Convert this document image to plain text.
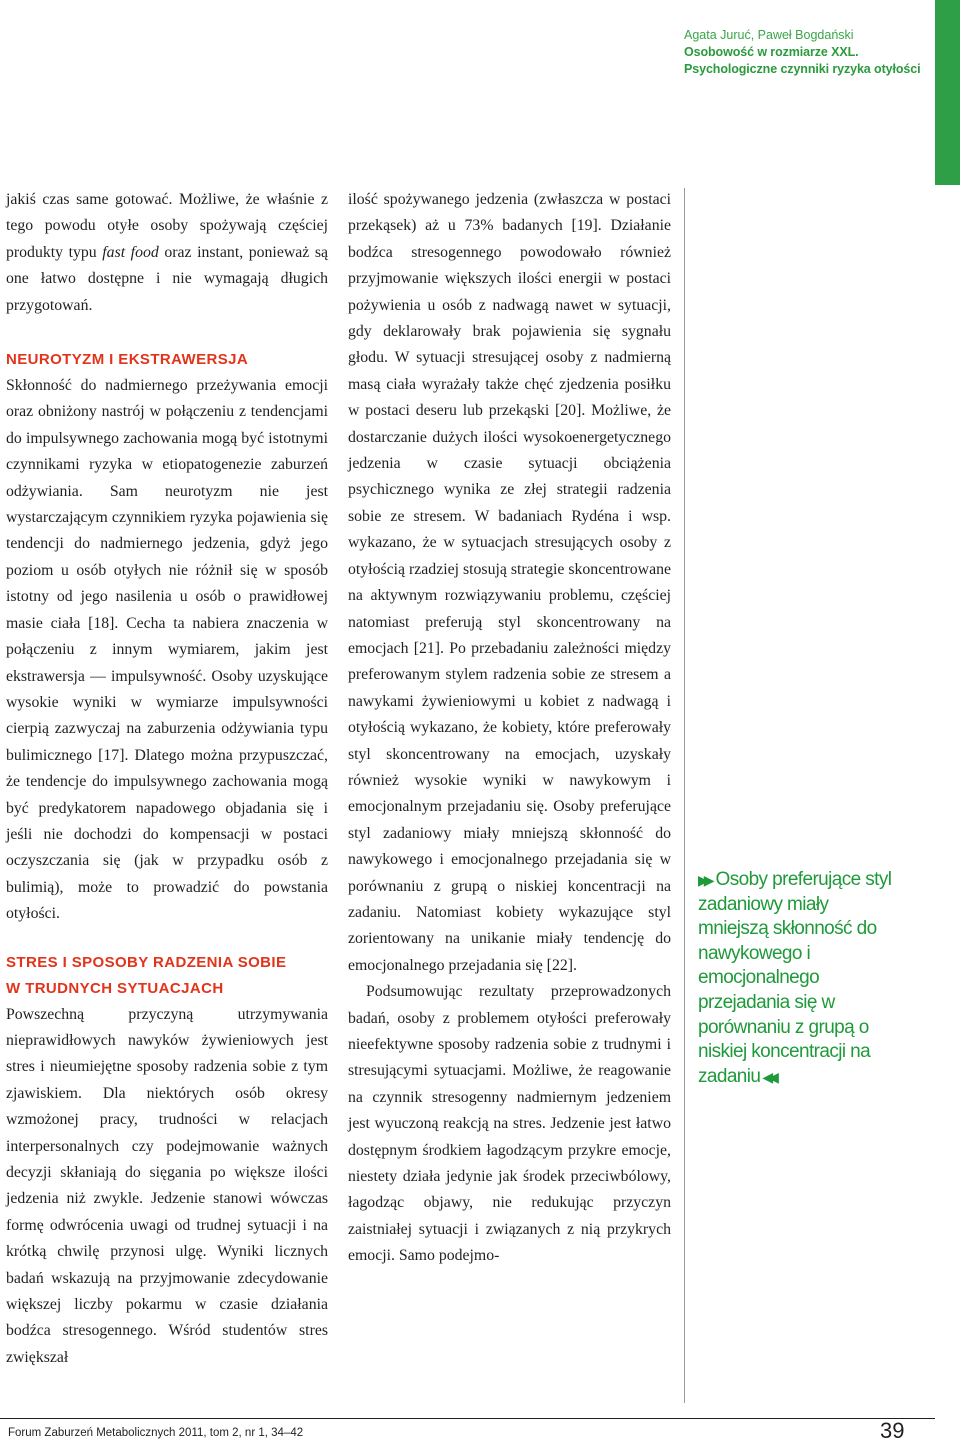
Agata Juruć, Paweł Bogdański
Osobowość w rozmiarze XXL.
Psychologiczne czynniki ryzyka otyłości

jakiś czas same gotować. Możliwe, że właśnie z tego powodu otyłe osoby spożywają częściej produkty typu fast food oraz instant, ponieważ są one łatwo dostępne i nie wymagają długich przygotowań.

NEUROTYZM I EKSTRAWERSJA

Skłonność do nadmiernego przeżywania emocji oraz obniżony nastrój w połączeniu z tendencjami do impulsywnego zachowania mogą być istotnymi czynnikami ryzyka w etiopatogenezie zaburzeń odżywiania. Sam neurotyzm nie jest wystarczającym czynnikiem ryzyka pojawienia się tendencji do nadmiernego jedzenia, gdyż jego poziom u osób otyłych nie różnił się w sposób istotny od jego nasilenia u osób o prawidłowej masie ciała [18]. Cecha ta nabiera znaczenia w połączeniu z innym wymiarem, jakim jest ekstrawersja — impulsywność. Osoby uzyskujące wysokie wyniki w wymiarze impulsywności cierpią zazwyczaj na zaburzenia odżywiania typu bulimicznego [17]. Dlatego można przypuszczać, że tendencje do impulsywnego zachowania mogą być predykatorem napadowego objadania się i jeśli nie dochodzi do kompensacji w postaci oczyszczania się (jak w przypadku osób z bulimią), może to prowadzić do powstania otyłości.

STRES I SPOSOBY RADZENIA SOBIE
W TRUDNYCH SYTUACJACH

Powszechną przyczyną utrzymywania nieprawidłowych nawyków żywieniowych jest stres i nieumiejętne sposoby radzenia sobie z tym zjawiskiem. Dla niektórych osób okresy wzmożonej pracy, trudności w relacjach interpersonalnych czy podejmowanie ważnych decyzji skłaniają do sięgania po większe ilości jedzenia niż zwykle. Jedzenie stanowi wówczas formę odwrócenia uwagi od trudnej sytuacji i na krótką chwilę przynosi ulgę. Wyniki licznych badań wskazują na przyjmowanie zdecydowanie większej liczby pokarmu w czasie działania bodźca stresogennego. Wśród studentów stres zwiększał

ilość spożywanego jedzenia (zwłaszcza w postaci przekąsek) aż u 73% badanych [19]. Działanie bodźca stresogennego powodowało również przyjmowanie większych ilości energii w postaci pożywienia u osób z nadwagą nawet w sytuacji, gdy deklarowały brak pojawienia się sygnału głodu. W sytuacji stresującej osoby z nadmierną masą ciała wyrażały także chęć zjedzenia posiłku w postaci deseru lub przekąski [20]. Możliwe, że dostarczanie dużych ilości wysokoenergetycznego jedzenia w czasie sytuacji obciążenia psychicznego wynika ze złej strategii radzenia sobie ze stresem. W badaniach Rydéna i wsp. wykazano, że w sytuacjach stresujących osoby z otyłością rzadziej stosują strategie skoncentrowane na aktywnym rozwiązywaniu problemu, częściej natomiast preferują styl skoncentrowany na emocjach [21]. Po przebadaniu zależności między preferowanym stylem radzenia sobie ze stresem a nawykami żywieniowymi u kobiet z nadwagą i otyłością wykazano, że kobiety, które preferowały styl skoncentrowany na emocjach, uzyskały również wysokie wyniki w nawykowym i emocjonalnym przejadaniu się. Osoby preferujące styl zadaniowy miały mniejszą skłonność do nawykowego i emocjonalnego przejadania się w porównaniu z grupą o niskiej koncentracji na zadaniu. Natomiast kobiety wykazujące styl zorientowany na unikanie miały tendencję do emocjonalnego przejadania się [22].

Podsumowując rezultaty przeprowadzonych badań, osoby z problemem otyłości preferowały nieefektywne sposoby radzenia sobie z trudnymi i stresującymi sytuacjami. Możliwe, że reagowanie na czynnik stresogenny nadmiernym jedzeniem jest wyuczoną reakcją na stres. Jedzenie jest łatwo dostępnym środkiem łagodzącym przykre emocje, niestety działa jedynie jak środek przeciwbólowy, łagodząc objawy, nie redukując przyczyn zaistniałej sytuacji i związanych z nią przykrych emocji. Samo podejmo-

▶▶ Osoby preferujące styl zadaniowy miały mniejszą skłonność do nawykowego i emocjonalnego przejadania się w porównaniu z grupą o niskiej koncentracji na zadaniu ◀◀
Forum Zaburzeń Metabolicznych 2011, tom 2, nr 1, 34–42	39
